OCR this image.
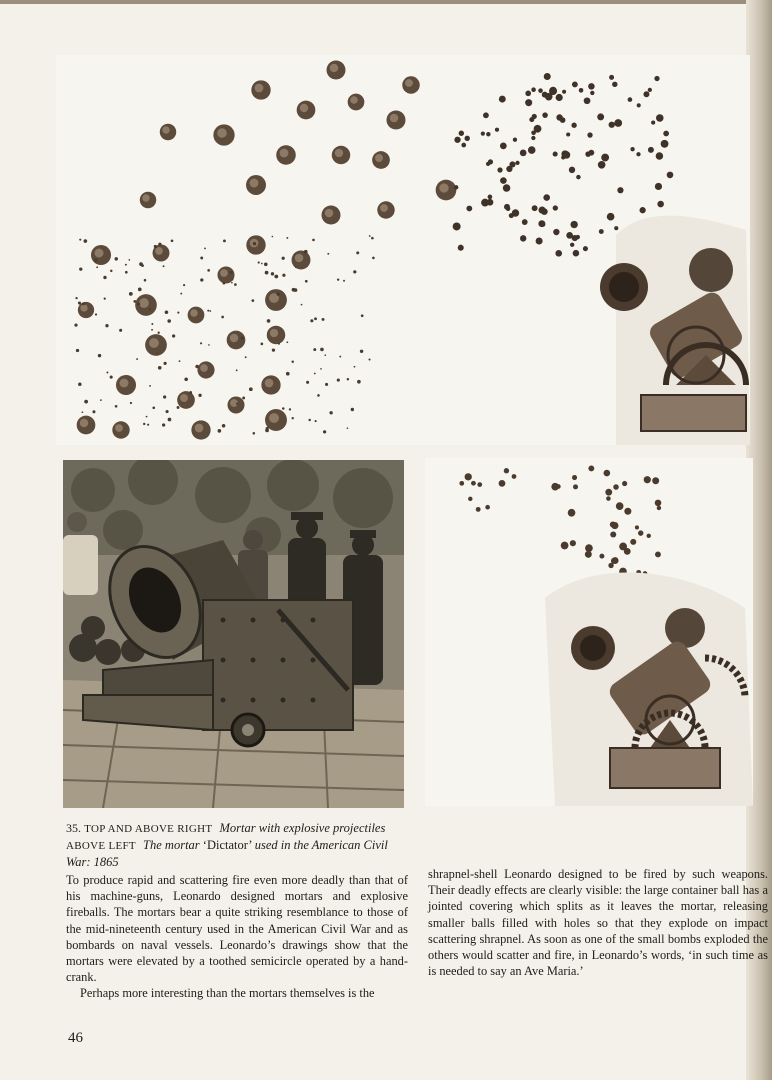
35. TOP AND ABOVE RIGHT Mortar with explosive projectiles
ABOVE LEFT The mortar ‘Dictator’ used in the American Civil War: 1865

To produce rapid and scattering fire even more deadly than that of his machine-guns, Leonardo designed mortars and explosive fireballs. The mortars bear a quite striking resemblance to those of the mid-nineteenth century used in the American Civil War and as bombards on naval vessels. Leonardo’s drawings show that the mortars were elevated by a toothed semicircle operated by a hand-crank.

Perhaps more interesting than the mortars themselves is the

shrapnel-shell Leonardo designed to be fired by such weapons. Their deadly effects are clearly visible: the large container ball has a jointed covering which splits as it leaves the mortar, releasing smaller balls filled with holes so that they explode on impact scattering shrapnel. As soon as one of the small bombs exploded the others would scatter and fire, in Leonardo’s words, ‘in such time as is needed to say an Ave Maria.’

46
